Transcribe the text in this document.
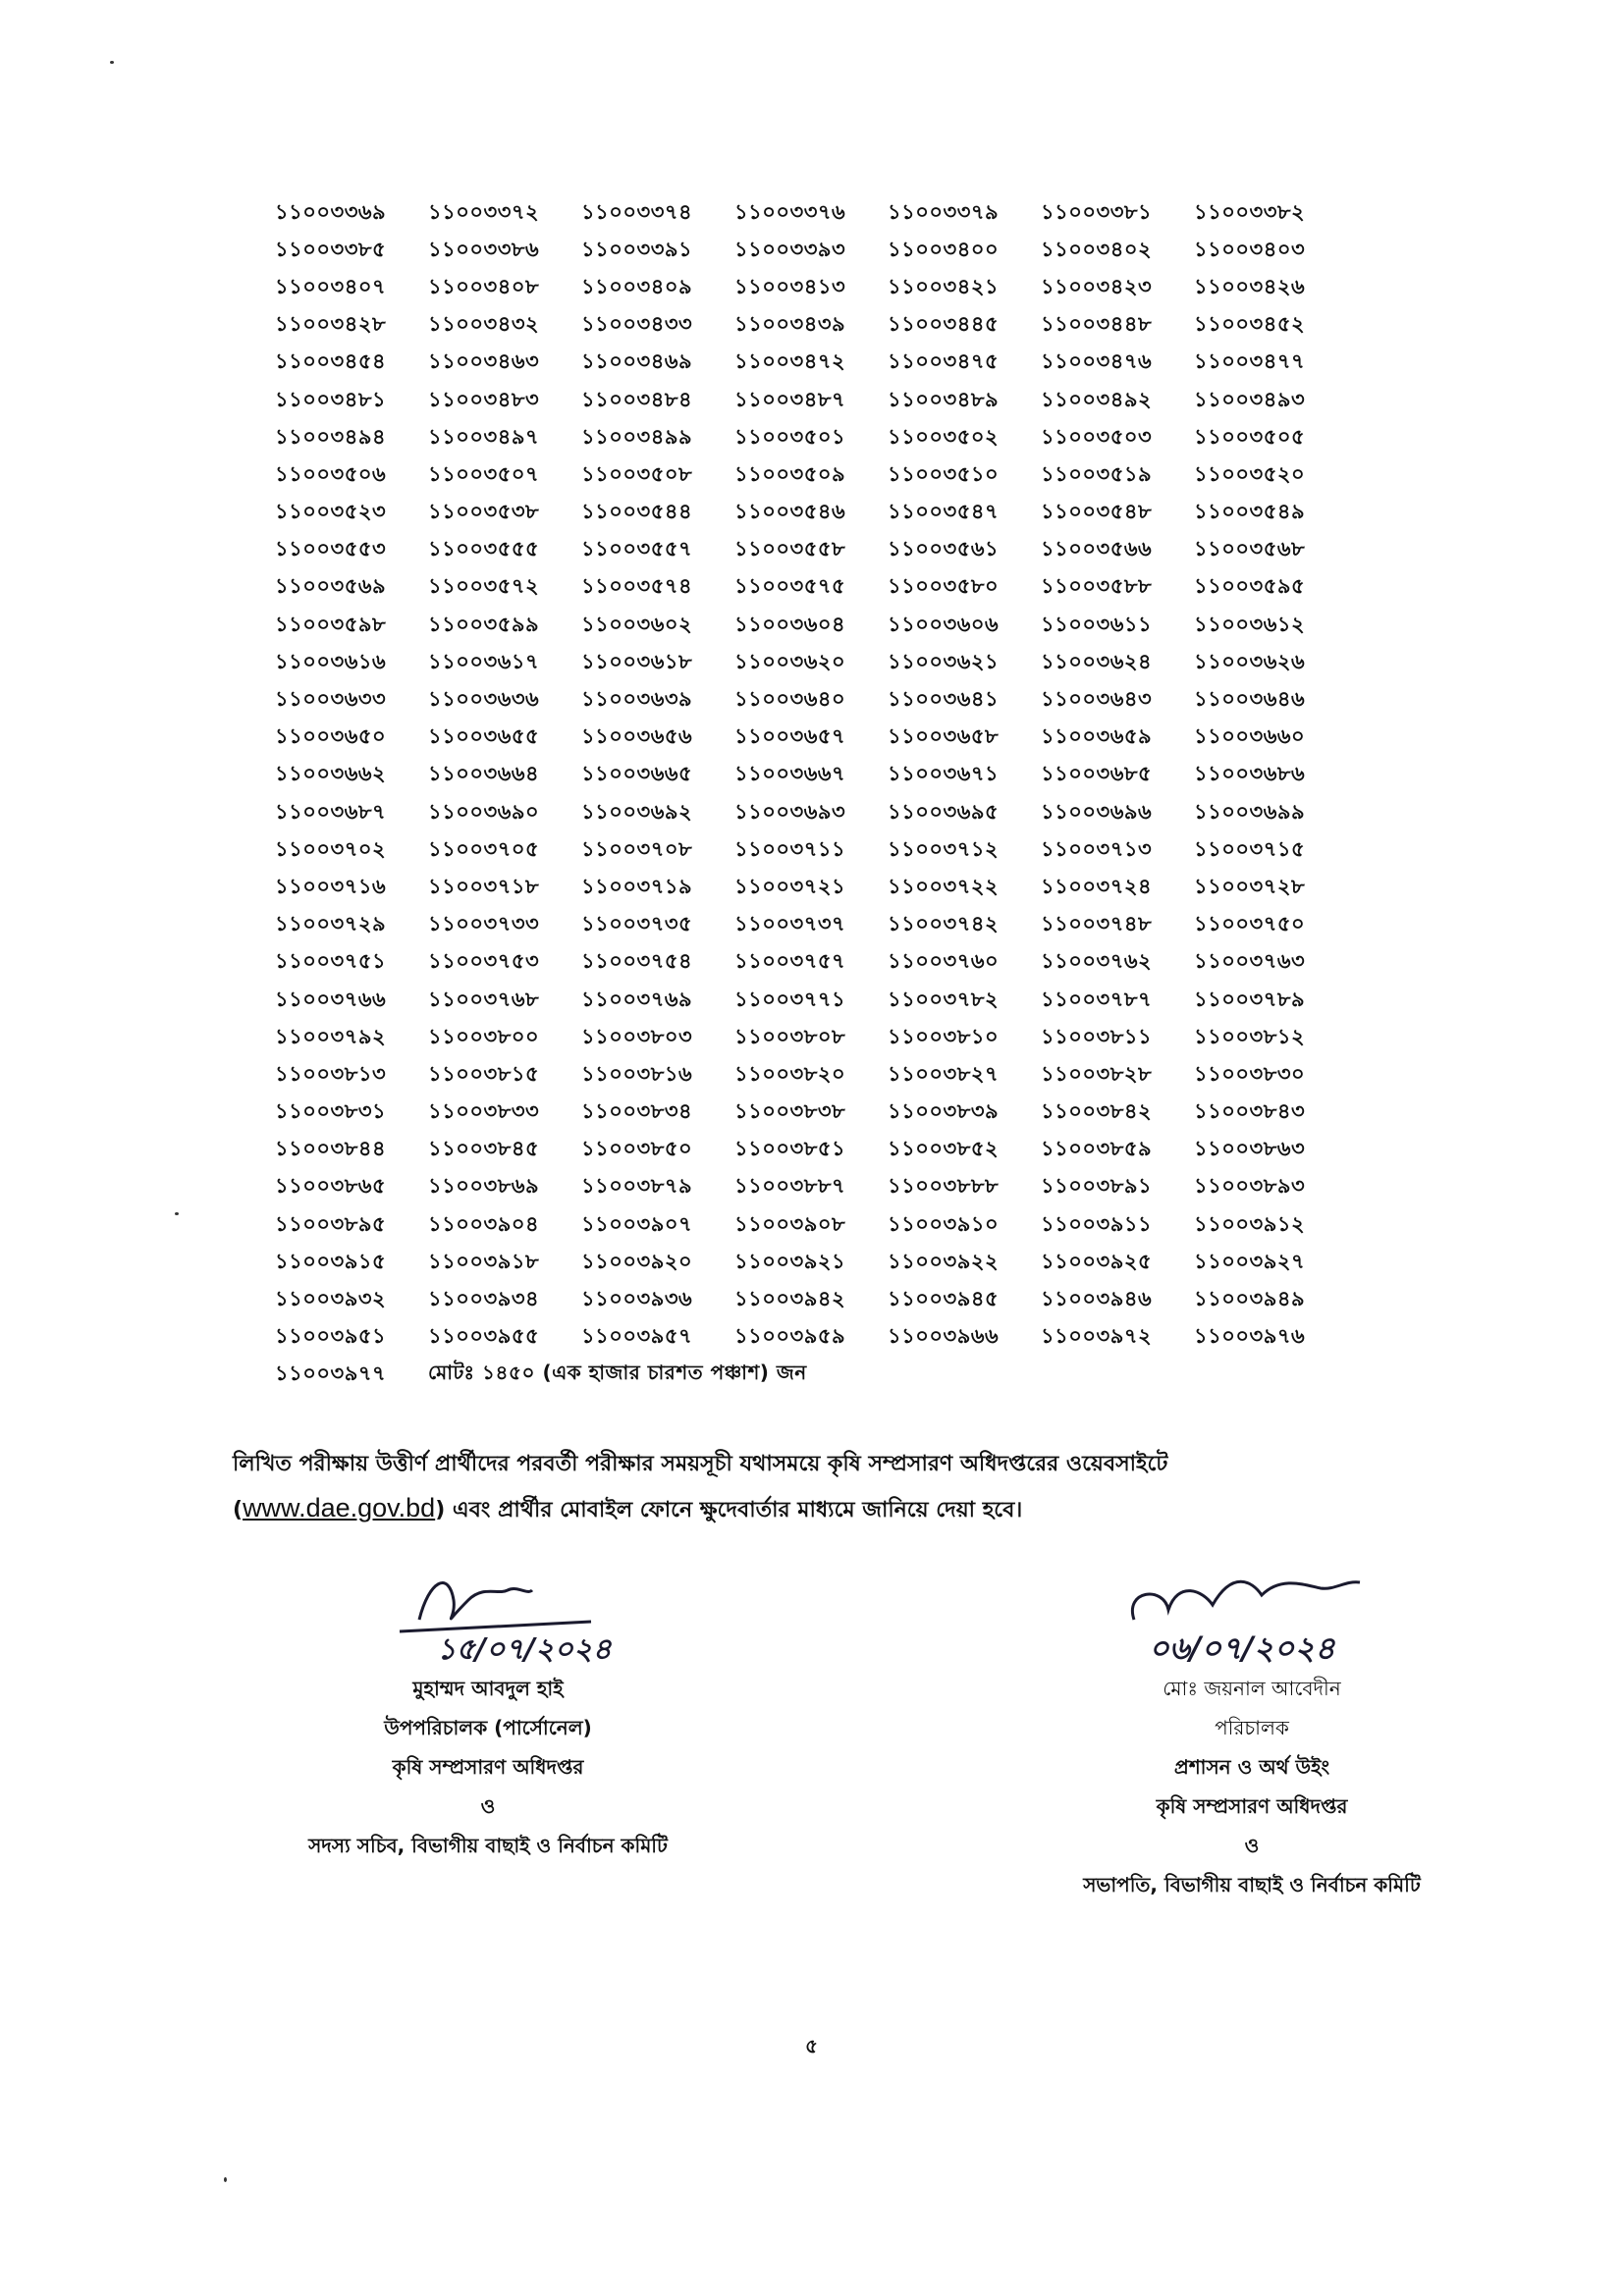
১১০০৩৩৬৯	১১০০৩৩৭২	১১০০৩৩৭৪	১১০০৩৩৭৬	১১০০৩৩৭৯	১১০০৩৩৮১	১১০০৩৩৮২
১১০০৩৩৮৫	১১০০৩৩৮৬	১১০০৩৩৯১	১১০০৩৩৯৩	১১০০৩৪০০	১১০০৩৪০২	১১০০৩৪০৩
১১০০৩৪০৭	১১০০৩৪০৮	১১০০৩৪০৯	১১০০৩৪১৩	১১০০৩৪২১	১১০০৩৪২৩	১১০০৩৪২৬
১১০০৩৪২৮	১১০০৩৪৩২	১১০০৩৪৩৩	১১০০৩৪৩৯	১১০০৩৪৪৫	১১০০৩৪৪৮	১১০০৩৪৫২
১১০০৩৪৫৪	১১০০৩৪৬৩	১১০০৩৪৬৯	১১০০৩৪৭২	১১০০৩৪৭৫	১১০০৩৪৭৬	১১০০৩৪৭৭
১১০০৩৪৮১	১১০০৩৪৮৩	১১০০৩৪৮৪	১১০০৩৪৮৭	১১০০৩৪৮৯	১১০০৩৪৯২	১১০০৩৪৯৩
১১০০৩৪৯৪	১১০০৩৪৯৭	১১০০৩৪৯৯	১১০০৩৫০১	১১০০৩৫০২	১১০০৩৫০৩	১১০০৩৫০৫
১১০০৩৫০৬	১১০০৩৫০৭	১১০০৩৫০৮	১১০০৩৫০৯	১১০০৩৫১০	১১০০৩৫১৯	১১০০৩৫২০
১১০০৩৫২৩	১১০০৩৫৩৮	১১০০৩৫৪৪	১১০০৩৫৪৬	১১০০৩৫৪৭	১১০০৩৫৪৮	১১০০৩৫৪৯
১১০০৩৫৫৩	১১০০৩৫৫৫	১১০০৩৫৫৭	১১০০৩৫৫৮	১১০০৩৫৬১	১১০০৩৫৬৬	১১০০৩৫৬৮
১১০০৩৫৬৯	১১০০৩৫৭২	১১০০৩৫৭৪	১১০০৩৫৭৫	১১০০৩৫৮০	১১০০৩৫৮৮	১১০০৩৫৯৫
১১০০৩৫৯৮	১১০০৩৫৯৯	১১০০৩৬০২	১১০০৩৬০৪	১১০০৩৬০৬	১১০০৩৬১১	১১০০৩৬১২
১১০০৩৬১৬	১১০০৩৬১৭	১১০০৩৬১৮	১১০০৩৬২০	১১০০৩৬২১	১১০০৩৬২৪	১১০০৩৬২৬
১১০০৩৬৩৩	১১০০৩৬৩৬	১১০০৩৬৩৯	১১০০৩৬৪০	১১০০৩৬৪১	১১০০৩৬৪৩	১১০০৩৬৪৬
১১০০৩৬৫০	১১০০৩৬৫৫	১১০০৩৬৫৬	১১০০৩৬৫৭	১১০০৩৬৫৮	১১০০৩৬৫৯	১১০০৩৬৬০
১১০০৩৬৬২	১১০০৩৬৬৪	১১০০৩৬৬৫	১১০০৩৬৬৭	১১০০৩৬৭১	১১০০৩৬৮৫	১১০০৩৬৮৬
১১০০৩৬৮৭	১১০০৩৬৯০	১১০০৩৬৯২	১১০০৩৬৯৩	১১০০৩৬৯৫	১১০০৩৬৯৬	১১০০৩৬৯৯
১১০০৩৭০২	১১০০৩৭০৫	১১০০৩৭০৮	১১০০৩৭১১	১১০০৩৭১২	১১০০৩৭১৩	১১০০৩৭১৫
১১০০৩৭১৬	১১০০৩৭১৮	১১০০৩৭১৯	১১০০৩৭২১	১১০০৩৭২২	১১০০৩৭২৪	১১০০৩৭২৮
১১০০৩৭২৯	১১০০৩৭৩৩	১১০০৩৭৩৫	১১০০৩৭৩৭	১১০০৩৭৪২	১১০০৩৭৪৮	১১০০৩৭৫০
১১০০৩৭৫১	১১০০৩৭৫৩	১১০০৩৭৫৪	১১০০৩৭৫৭	১১০০৩৭৬০	১১০০৩৭৬২	১১০০৩৭৬৩
১১০০৩৭৬৬	১১০০৩৭৬৮	১১০০৩৭৬৯	১১০০৩৭৭১	১১০০৩৭৮২	১১০০৩৭৮৭	১১০০৩৭৮৯
১১০০৩৭৯২	১১০০৩৮০০	১১০০৩৮০৩	১১০০৩৮০৮	১১০০৩৮১০	১১০০৩৮১১	১১০০৩৮১২
১১০০৩৮১৩	১১০০৩৮১৫	১১০০৩৮১৬	১১০০৩৮২০	১১০০৩৮২৭	১১০০৩৮২৮	১১০০৩৮৩০
১১০০৩৮৩১	১১০০৩৮৩৩	১১০০৩৮৩৪	১১০০৩৮৩৮	১১০০৩৮৩৯	১১০০৩৮৪২	১১০০৩৮৪৩
১১০০৩৮৪৪	১১০০৩৮৪৫	১১০০৩৮৫০	১১০০৩৮৫১	১১০০৩৮৫২	১১০০৩৮৫৯	১১০০৩৮৬৩
১১০০৩৮৬৫	১১০০৩৮৬৯	১১০০৩৮৭৯	১১০০৩৮৮৭	১১০০৩৮৮৮	১১০০৩৮৯১	১১০০৩৮৯৩
১১০০৩৮৯৫	১১০০৩৯০৪	১১০০৩৯০৭	১১০০৩৯০৮	১১০০৩৯১০	১১০০৩৯১১	১১০০৩৯১২
১১০০৩৯১৫	১১০০৩৯১৮	১১০০৩৯২০	১১০০৩৯২১	১১০০৩৯২২	১১০০৩৯২৫	১১০০৩৯২৭
১১০০৩৯৩২	১১০০৩৯৩৪	১১০০৩৯৩৬	১১০০৩৯৪২	১১০০৩৯৪৫	১১০০৩৯৪৬	১১০০৩৯৪৯
১১০০৩৯৫১	১১০০৩৯৫৫	১১০০৩৯৫৭	১১০০৩৯৫৯	১১০০৩৯৬৬	১১০০৩৯৭২	১১০০৩৯৭৬
১১০০৩৯৭৭	মোটঃ ১৪৫০ (এক হাজার চারশত পঞ্চাশ) জন					
লিখিত পরীক্ষায় উত্তীর্ণ প্রার্থীদের পরবর্তী পরীক্ষার সময়সূচী যথাসময়ে কৃষি সম্প্রসারণ অধিদপ্তরের ওয়েবসাইটে
(www.dae.gov.bd) এবং প্রার্থীর মোবাইল ফোনে ক্ষুদেবার্তার মাধ্যমে জানিয়ে দেয়া হবে।
১৫/০৭/২০২৪
মুহাম্মদ আবদুল হাই
উপপরিচালক (পার্সোনেল)
কৃষি সম্প্রসারণ অধিদপ্তর
ও
সদস্য সচিব, বিভাগীয় বাছাই ও নির্বাচন কমিটি
০৬/০৭/২০২৪
মোঃ জয়নাল আবেদীন
পরিচালক
প্রশাসন ও অর্থ উইং
কৃষি সম্প্রসারণ অধিদপ্তর
ও
সভাপতি, বিভাগীয় বাছাই ও নির্বাচন কমিটি
৫
